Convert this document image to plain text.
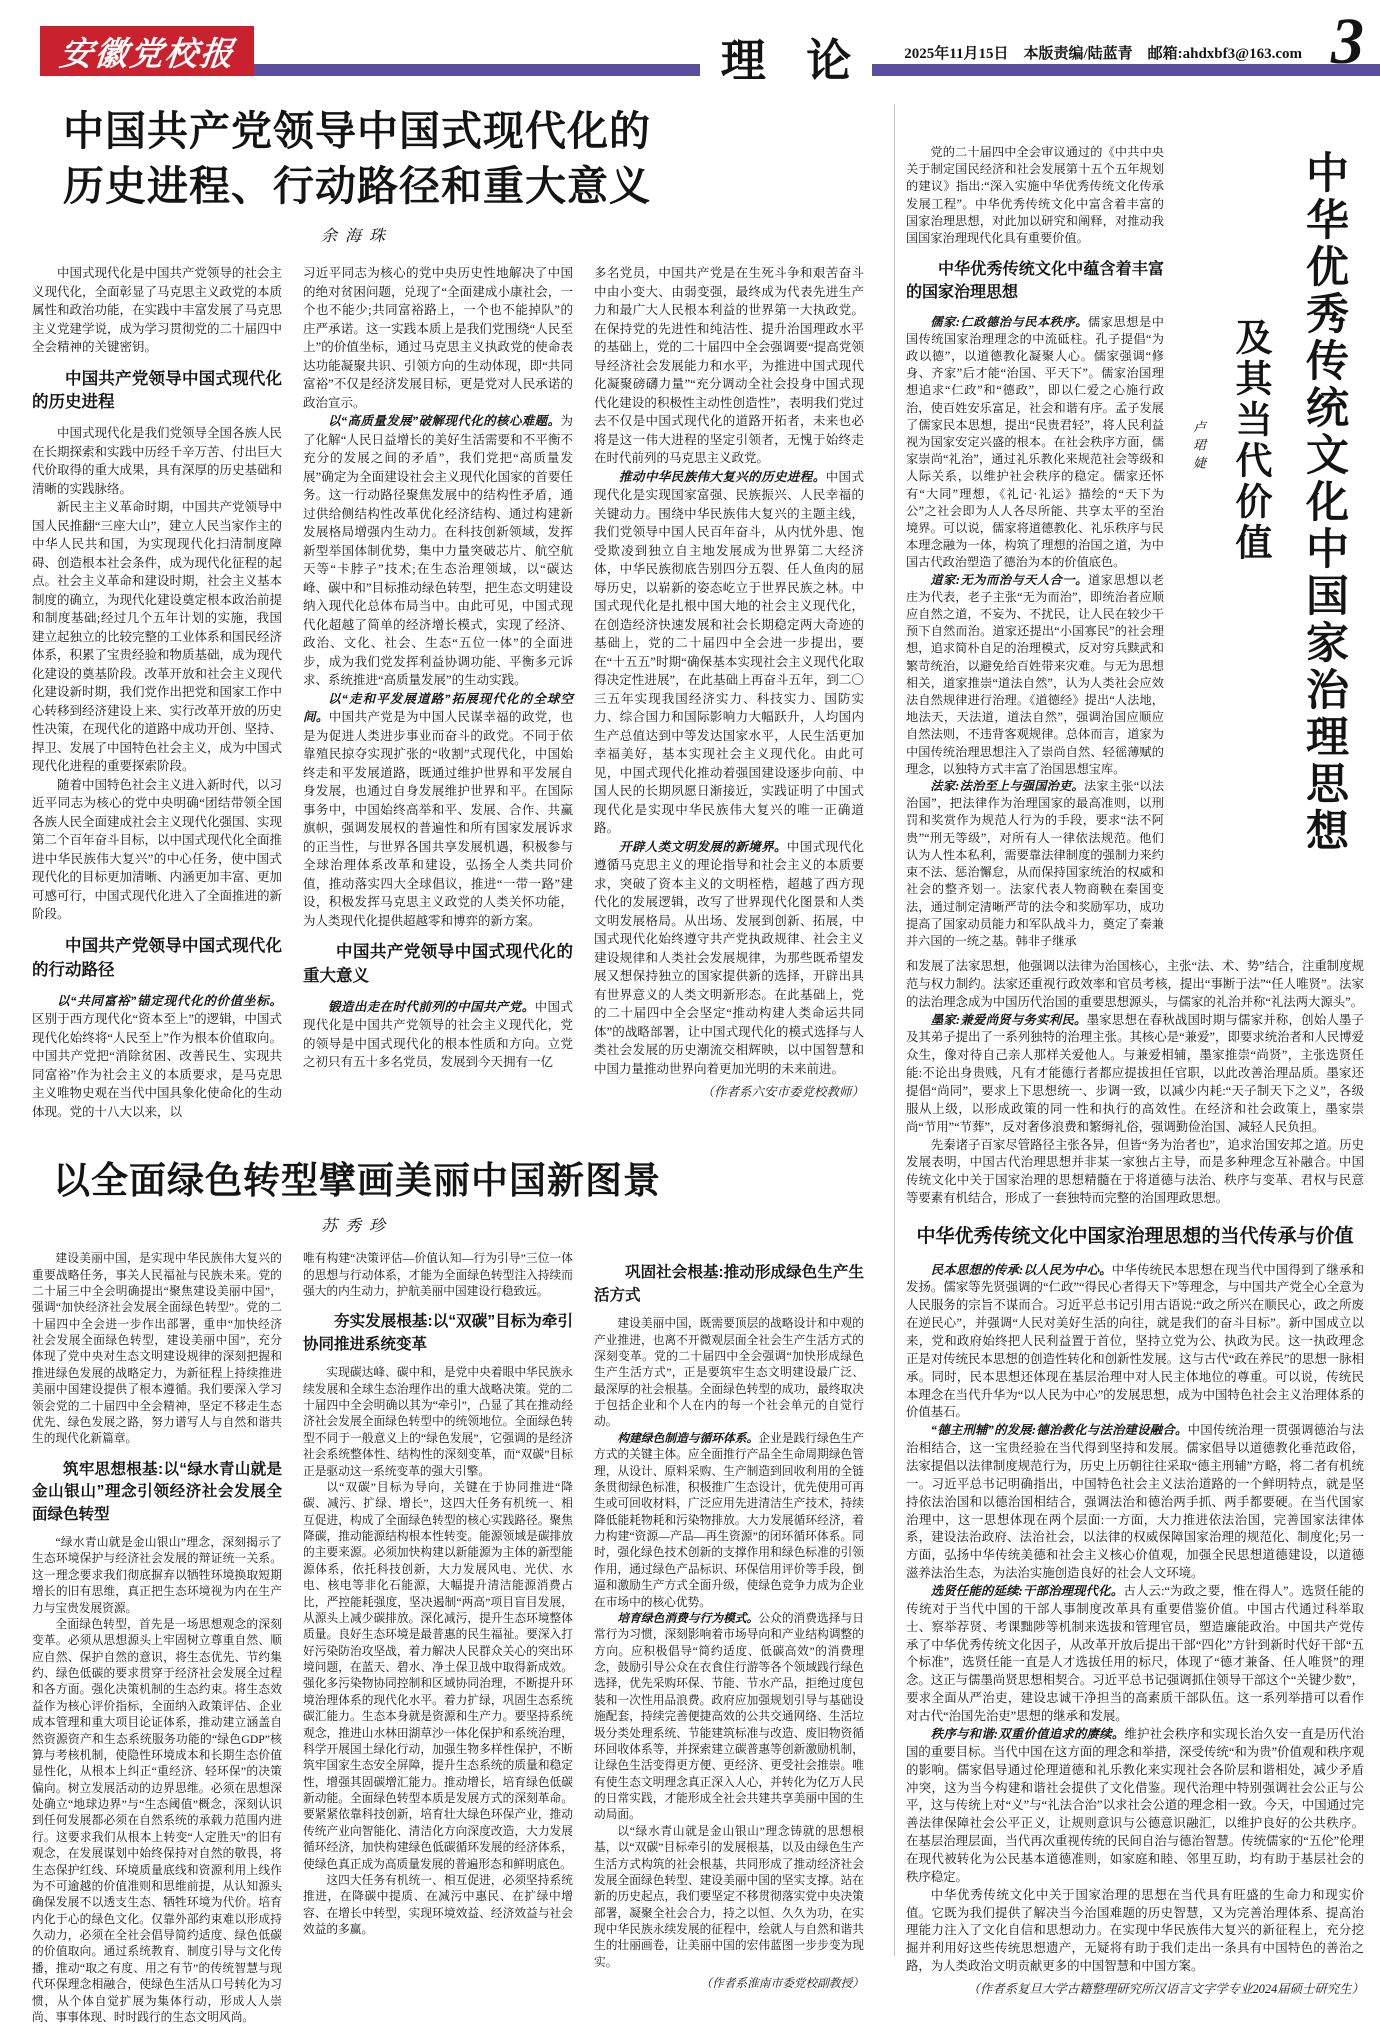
安徽党校报	理 论	2025年11月15日　本版责编/陆蓝青　邮箱:ahdxbf3@163.com 3
中国共产党领导中国式现代化的
历史进程、行动路径和重大意义
余海珠

中国式现代化是中国共产党领导的社会主义现代化，全面彰显了马克思主义政党的本质属性和政治功能，在实践中丰富发展了马克思主义党建学说，成为学习贯彻党的二十届四中全会精神的关键密钥。

中国共产党领导中国式现代化的历史进程

中国式现代化是我们党领导全国各族人民在长期探索和实践中历经千辛万苦、付出巨大代价取得的重大成果，具有深厚的历史基础和清晰的实践脉络。

新民主主义革命时期，中国共产党领导中国人民推翻“三座大山”，建立人民当家作主的中华人民共和国，为实现现代化扫清制度障碍、创造根本社会条件，成为现代化征程的起点。社会主义革命和建设时期，社会主义基本制度的确立，为现代化建设奠定根本政治前提和制度基础;经过几个五年计划的实施，我国建立起独立的比较完整的工业体系和国民经济体系，积累了宝贵经验和物质基础，成为现代化建设的奠基阶段。改革开放和社会主义现代化建设新时期，我们党作出把党和国家工作中心转移到经济建设上来、实行改革开放的历史性决策，在现代化的道路中成功开创、坚持、捍卫、发展了中国特色社会主义，成为中国式现代化进程的重要探索阶段。

随着中国特色社会主义进入新时代，以习近平同志为核心的党中央明确“团结带领全国各族人民全面建成社会主义现代化强国、实现第二个百年奋斗目标，以中国式现代化全面推进中华民族伟大复兴”的中心任务，使中国式现代化的目标更加清晰、内涵更加丰富、更加可感可行，中国式现代化进入了全面推进的新阶段。

中国共产党领导中国式现代化的行动路径

以“共同富裕”锚定现代化的价值坐标。区别于西方现代化“资本至上”的逻辑，中国式现代化始终将“人民至上”作为根本价值取向。中国共产党把“消除贫困、改善民生、实现共同富裕”作为社会主义的本质要求，是马克思主义唯物史观在当代中国具象化使命化的生动体现。党的十八大以来，以

习近平同志为核心的党中央历史性地解决了中国的绝对贫困问题，兑现了“全面建成小康社会，一个也不能少;共同富裕路上，一个也不能掉队”的庄严承诺。这一实践本质上是我们党围绕“人民至上”的价值坐标，通过马克思主义执政党的使命表达功能凝聚共识、引领方向的生动体现，即“共同富裕”不仅是经济发展目标，更是党对人民承诺的政治宣示。

以“高质量发展”破解现代化的核心难题。为了化解“人民日益增长的美好生活需要和不平衡不充分的发展之间的矛盾”，我们党把“高质量发展”确定为全面建设社会主义现代化国家的首要任务。这一行动路径聚焦发展中的结构性矛盾，通过供给侧结构性改革优化经济结构、通过构建新发展格局增强内生动力。在科技创新领域，发挥新型举国体制优势，集中力量突破芯片、航空航天等“卡脖子”技术;在生态治理领域，以“碳达峰、碳中和”目标推动绿色转型，把生态文明建设纳入现代化总体布局当中。由此可见，中国式现代化超越了简单的经济增长模式，实现了经济、政治、文化、社会、生态“五位一体”的全面进步，成为我们党发挥利益协调功能、平衡多元诉求、系统推进“高质量发展”的生动实践。

以“走和平发展道路”拓展现代化的全球空间。中国共产党是为中国人民谋幸福的政党，也是为促进人类进步事业而奋斗的政党。不同于依靠殖民掠夺实现扩张的“收割”式现代化，中国始终走和平发展道路，既通过维护世界和平发展自身发展，也通过自身发展维护世界和平。在国际事务中，中国始终高举和平、发展、合作、共赢旗帜，强调发展权的普遍性和所有国家发展诉求的正当性，与世界各国共享发展机遇，积极参与全球治理体系改革和建设，弘扬全人类共同价值，推动落实四大全球倡议，推进“一带一路”建设，积极发挥马克思主义政党的人类关怀功能，为人类现代化提供超越零和博弈的新方案。

中国共产党领导中国式现代化的重大意义

锻造出走在时代前列的中国共产党。中国式现代化是中国共产党领导的社会主义现代化，党的领导是中国式现代化的根本性质和方向。立党之初只有五十多名党员，发展到今天拥有一亿

多名党员，中国共产党是在生死斗争和艰苦奋斗中由小变大、由弱变强，最终成为代表先进生产力和最广大人民根本利益的世界第一大执政党。在保持党的先进性和纯洁性、提升治国理政水平的基础上，党的二十届四中全会强调要“提高党领导经济社会发展能力和水平，为推进中国式现代化凝聚磅礴力量”“充分调动全社会投身中国式现代化建设的积极性主动性创造性”，表明我们党过去不仅是中国式现代化的道路开拓者，未来也必将是这一伟大进程的坚定引领者，无愧于始终走在时代前列的马克思主义政党。

推动中华民族伟大复兴的历史进程。中国式现代化是实现国家富强、民族振兴、人民幸福的关键动力。围绕中华民族伟大复兴的主题主线，我们党领导中国人民百年奋斗，从内忧外患、饱受欺凌到独立自主地发展成为世界第二大经济体，中华民族彻底告别四分五裂、任人鱼肉的屈辱历史，以崭新的姿态屹立于世界民族之林。中国式现代化是扎根中国大地的社会主义现代化，在创造经济快速发展和社会长期稳定两大奇迹的基础上，党的二十届四中全会进一步提出，要在“十五五”时期“确保基本实现社会主义现代化取得决定性进展”，在此基础上再奋斗五年，到二〇三五年实现我国经济实力、科技实力、国防实力、综合国力和国际影响力大幅跃升，人均国内生产总值达到中等发达国家水平，人民生活更加幸福美好，基本实现社会主义现代化。由此可见，中国式现代化推动着强国建设逐步向前、中国人民的长期夙愿日渐接近，实践证明了中国式现代化是实现中华民族伟大复兴的唯一正确道路。

开辟人类文明发展的新境界。中国式现代化遵循马克思主义的理论指导和社会主义的本质要求，突破了资本主义的文明桎梏，超越了西方现代化的发展逻辑，改写了世界现代化图景和人类文明发展格局。从出场、发展到创新、拓展，中国式现代化始终遵守共产党执政规律、社会主义建设规律和人类社会发展规律，为那些既希望发展又想保持独立的国家提供新的选择，开辟出具有世界意义的人类文明新形态。在此基础上，党的二十届四中全会坚定“推动构建人类命运共同体”的战略部署，让中国式现代化的模式选择与人类社会发展的历史潮流交相辉映，以中国智慧和中国力量推动世界向着更加光明的未来前进。

（作者系六安市委党校教师）

党的二十届四中全会审议通过的《中共中央关于制定国民经济和社会发展第十五个五年规划的建议》指出:“深入实施中华优秀传统文化传承发展工程”。中华优秀传统文化中富含着丰富的国家治理思想，对此加以研究和阐释，对推动我国国家治理现代化具有重要价值。

中华优秀传统文化中蕴含着丰富的国家治理思想

儒家:仁政德治与民本秩序。儒家思想是中国传统国家治理理念的中流砥柱。孔子提倡“为政以德”，以道德教化凝聚人心。儒家强调“修身、齐家”后才能“治国、平天下”。儒家治国理想追求“仁政”和“德政”，即以仁爱之心施行政治，使百姓安乐富足，社会和谐有序。孟子发展了儒家民本思想，提出“民贵君轻”，将人民利益视为国家安定兴盛的根本。在社会秩序方面，儒家崇尚“礼治”，通过礼乐教化来规范社会等级和人际关系，以维护社会秩序的稳定。儒家还怀有“大同”理想，《礼记·礼运》描绘的“天下为公”之社会即为人人各尽所能、共享太平的至治境界。可以说，儒家将道德教化、礼乐秩序与民本理念融为一体，构筑了理想的治国之道，为中国古代政治塑造了德治为本的价值底色。

道家:无为而治与天人合一。道家思想以老庄为代表，老子主张“无为而治”，即统治者应顺应自然之道，不妄为、不扰民，让人民在较少干预下自然而治。道家还提出“小国寡民”的社会理想，追求简朴自足的治理模式，反对穷兵黩武和繁苛统治，以避免给百姓带来灾难。与无为思想相关，道家推崇“道法自然”，认为人类社会应效法自然规律进行治理。《道德经》提出“人法地，地法天，天法道，道法自然”，强调治国应顺应自然法则，不违背客观规律。总体而言，道家为中国传统治理思想注入了崇尚自然、轻徭薄赋的理念，以独特方式丰富了治国思想宝库。

法家:法治至上与强国治吏。法家主张“以法治国”，把法律作为治理国家的最高准则，以刑罚和奖赏作为规范人行为的手段，要求“法不阿贵”“刑无等级”，对所有人一律依法规范。他们认为人性本私利，需要靠法律制度的强制力来约束不法、惩治懈怠，从而保持国家统治的权威和社会的整齐划一。法家代表人物商鞅在秦国变法，通过制定清晰严苛的法令和奖励军功，成功提高了国家动员能力和军队战斗力，奠定了秦兼并六国的一统之基。韩非子继承

中华优秀传统文化中国家治理思想
及其当代价值
卢珺婕

和发展了法家思想，他强调以法律为治国核心，主张“法、术、势”结合，注重制度规范与权力制约。法家还重视行政效率和官员考核，提出“事断于法”“任人唯贤”。法家的法治理念成为中国历代治国的重要思想源头，与儒家的礼治并称“礼法两大源头”。

墨家:兼爱尚贤与务实利民。墨家思想在春秋战国时期与儒家并称，创始人墨子及其弟子提出了一系列独特的治理主张。其核心是“兼爱”，即要求统治者和人民博爱众生，像对待自己亲人那样关爱他人。与兼爱相辅，墨家推崇“尚贤”，主张选贤任能:不论出身贵贱，凡有才能德行者都应提拔担任官职，以此改善治理品质。墨家还提倡“尚同”，要求上下思想统一、步调一致，以减少内耗:“天子制天下之义”，各级服从上级，以形成政策的同一性和执行的高效性。在经济和社会政策上，墨家崇尚“节用”“节葬”，反对奢侈浪费和繁缛礼俗，强调勤俭治国、减轻人民负担。

先秦诸子百家尽管路径主张各异，但皆“务为治者也”，追求治国安邦之道。历史发展表明，中国古代治理思想并非某一家独占主导，而是多种理念互补融合。中国传统文化中关于国家治理的思想精髓在于将道德与法治、秩序与变革、君权与民意等要素有机结合，形成了一套独特而完整的治国理政思想。

中华优秀传统文化中国家治理思想的当代传承与价值

民本思想的传承:以人民为中心。中华传统民本思想在现当代中国得到了继承和发扬。儒家等先贤强调的“仁政”“得民心者得天下”等理念，与中国共产党全心全意为人民服务的宗旨不谋而合。习近平总书记引用古语说:“政之所兴在顺民心，政之所废在逆民心”，并强调“人民对美好生活的向往，就是我们的奋斗目标”。新中国成立以来，党和政府始终把人民利益置于首位，坚持立党为公、执政为民。这一执政理念正是对传统民本思想的创造性转化和创新性发展。这与古代“政在养民”的思想一脉相承。同时，民本思想还体现在基层治理中对人民主体地位的尊重。可以说，传统民本理念在当代升华为“以人民为中心”的发展思想，成为中国特色社会主义治理体系的价值基石。

“德主刑辅”的发展:德治教化与法治建设融合。中国传统治理一贯强调德治与法治相结合，这一宝贵经验在当代得到坚持和发展。儒家倡导以道德教化垂范政俗，法家提倡以法律制度规范行为，历史上历朝往往采取“德主刑辅”方略，将二者有机统一。习近平总书记明确指出，中国特色社会主义法治道路的一个鲜明特点，就是坚持依法治国和以德治国相结合，强调法治和德治两手抓、两手都要硬。在当代国家治理中，这一思想体现在两个层面:一方面，大力推进依法治国，完善国家法律体系，建设法治政府、法治社会，以法律的权威保障国家治理的规范化、制度化;另一方面，弘扬中华传统美德和社会主义核心价值观，加强全民思想道德建设，以道德滋养法治生态，为法治实施创造良好的社会人文环境。

选贤任能的延续:干部治理现代化。古人云:“为政之要，惟在得人”。选贤任能的传统对于当代中国的干部人事制度改革具有重要借鉴价值。中国古代通过科举取士、察举荐贤、考课黜陟等机制来选拔和管理官员，塑造廉能政治。中国共产党传承了中华优秀传统文化因子，从改革开放后提出干部“四化”方针到新时代好干部“五个标准”，选贤任能一直是人才选拔任用的标尺，体现了“德才兼备、任人唯贤”的理念。这正与儒墨尚贤思想相契合。习近平总书记强调抓住领导干部这个“关键少数”，要求全面从严治吏，建设忠诚干净担当的高素质干部队伍。这一系列举措可以看作对古代“治国先治吏”思想的继承和发展。

秩序与和谐:双重价值追求的赓续。维护社会秩序和实现长治久安一直是历代治国的重要目标。当代中国在这方面的理念和举措，深受传统“和为贵”价值观和秩序观的影响。儒家倡导通过伦理道德和礼乐教化来实现社会各阶层和谐相处，减少矛盾冲突，这为当今构建和谐社会提供了文化借鉴。现代治理中特别强调社会公正与公平，这与传统上对“义”与“礼法合治”以求社会公道的理念相一致。今天，中国通过完善法律保障社会公平正义，让规则意识与公德意识融汇，以维护良好的公共秩序。在基层治理层面，当代再次重视传统的民间自治与德治智慧。传统儒家的“五伦”伦理在现代被转化为公民基本道德准则，如家庭和睦、邻里互助，均有助于基层社会的秩序稳定。

中华优秀传统文化中关于国家治理的思想在当代具有旺盛的生命力和现实价值。它既为我们提供了解决当今治国难题的历史智慧，又为完善治理体系、提高治理能力注入了文化自信和思想动力。在实现中华民族伟大复兴的新征程上，充分挖掘并利用好这些传统思想遗产，无疑将有助于我们走出一条具有中国特色的善治之路，为人类政治文明贡献更多的中国智慧和中国方案。

（作者系复旦大学古籍整理研究所汉语言文字学专业2024届硕士研究生）

以全面绿色转型擘画美丽中国新图景
苏秀珍

建设美丽中国，是实现中华民族伟大复兴的重要战略任务，事关人民福祉与民族未来。党的二十届三中全会明确提出“聚焦建设美丽中国”，强调“加快经济社会发展全面绿色转型”。党的二十届四中全会进一步作出部署，重申“加快经济社会发展全面绿色转型，建设美丽中国”，充分体现了党中央对生态文明建设规律的深刻把握和推进绿色发展的战略定力，为新征程上持续推进美丽中国建设提供了根本遵循。我们要深入学习领会党的二十届四中全会精神，坚定不移走生态优先、绿色发展之路，努力谱写人与自然和谐共生的现代化新篇章。

筑牢思想根基:以“绿水青山就是金山银山”理念引领经济社会发展全面绿色转型

“绿水青山就是金山银山”理念，深刻揭示了生态环境保护与经济社会发展的辩证统一关系。这一理念要求我们彻底摒弃以牺牲环境换取短期增长的旧有思维，真正把生态环境视为内在生产力与宝贵发展资源。

全面绿色转型，首先是一场思想观念的深刻变革。必须从思想源头上牢固树立尊重自然、顺应自然、保护自然的意识，将生态优先、节约集约、绿色低碳的要求贯穿于经济社会发展全过程和各方面。强化决策机制的生态约束。将生态效益作为核心评价指标，全面纳入政策评估、企业成本管理和重大项目论证体系，推动建立涵盖自然资源资产和生态系统服务功能的“绿色GDP”核算与考核机制，使隐性环境成本和长期生态价值显性化，从根本上纠正“重经济、轻环保”的决策偏向。树立发展活动的边界思维。必须在思想深处确立“地球边界”与“生态阈值”概念，深刻认识到任何发展都必须在自然系统的承载力范围内进行。这要求我们从根本上转变“人定胜天”的旧有观念，在发展谋划中始终保持对自然的敬畏，将生态保护红线、环境质量底线和资源利用上线作为不可逾越的价值准则和思维前提，从认知源头确保发展不以透支生态、牺牲环境为代价。培育内化于心的绿色文化。仅靠外部约束难以形成持久动力，必须在全社会倡导简约适度、绿色低碳的价值取向。通过系统教育、制度引导与文化传播，推动“取之有度、用之有节”的传统智慧与现代环保理念相融合，使绿色生活从口号转化为习惯，从个体自觉扩展为集体行动，形成人人崇尚、事事体现、时时践行的生态文明风尚。

唯有构建“决策评估—价值认知—行为引导”三位一体的思想与行动体系，才能为全面绿色转型注入持续而强大的内生动力，护航美丽中国建设行稳致远。

夯实发展根基:以“双碳”目标为牵引协同推进系统变革

实现碳达峰、碳中和，是党中央着眼中华民族永续发展和全球生态治理作出的重大战略决策。党的二十届四中全会明确以其为“牵引”，凸显了其在推动经济社会发展全面绿色转型中的统领地位。全面绿色转型不同于一般意义上的“绿色发展”，它强调的是经济社会系统整体性、结构性的深刻变革，而“双碳”目标正是驱动这一系统变革的强大引擎。

以“双碳”目标为导向，关键在于协同推进“降碳、减污、扩绿、增长”，这四大任务有机统一、相互促进，构成了全面绿色转型的核心实践路径。聚焦降碳，推动能源结构根本性转变。能源领域是碳排放的主要来源。必须加快构建以新能源为主体的新型能源体系，依托科技创新，大力发展风电、光伏、水电、核电等非化石能源，大幅提升清洁能源消费占比，严控能耗强度，坚决遏制“两高”项目盲目发展，从源头上减少碳排放。深化减污，提升生态环境整体质量。良好生态环境是最普惠的民生福祉。要深入打好污染防治攻坚战，着力解决人民群众关心的突出环境问题，在蓝天、碧水、净土保卫战中取得新成效。强化多污染物协同控制和区域协同治理，不断提升环境治理体系的现代化水平。着力扩绿，巩固生态系统碳汇能力。生态本身就是资源和生产力。要坚持系统观念，推进山水林田湖草沙一体化保护和系统治理，科学开展国土绿化行动，加强生物多样性保护，不断筑牢国家生态安全屏障，提升生态系统的质量和稳定性，增强其固碳增汇能力。推动增长，培育绿色低碳新动能。全面绿色转型本质是发展方式的深刻革命。要紧紧依靠科技创新，培育壮大绿色环保产业，推动传统产业向智能化、清洁化方向深度改造，大力发展循环经济，加快构建绿色低碳循环发展的经济体系，使绿色真正成为高质量发展的普遍形态和鲜明底色。

这四大任务有机统一、相互促进，必须坚持系统推进，在降碳中提质、在减污中惠民、在扩绿中增容、在增长中转型，实现环境效益、经济效益与社会效益的多赢。

巩固社会根基:推动形成绿色生产生活方式

建设美丽中国，既需要顶层的战略设计和中观的产业推进，也离不开微观层面全社会生产生活方式的深刻变革。党的二十届四中全会强调“加快形成绿色生产生活方式”，正是要筑牢生态文明建设最广泛、最深厚的社会根基。全面绿色转型的成功，最终取决于包括企业和个人在内的每一个社会单元的自觉行动。

构建绿色制造与循环体系。企业是践行绿色生产方式的关键主体。应全面推行产品全生命周期绿色管理，从设计、原料采购、生产制造到回收利用的全链条贯彻绿色标准，积极推广生态设计，优先使用可再生或可回收材料，广泛应用先进清洁生产技术，持续降低能耗物耗和污染物排放。大力发展循环经济，着力构建“资源—产品—再生资源”的闭环循环体系。同时，强化绿色技术创新的支撑作用和绿色标准的引领作用，通过绿色产品标识、环保信用评价等手段，倒逼和激励生产方式全面升级，使绿色竞争力成为企业在市场中的核心优势。

培育绿色消费与行为模式。公众的消费选择与日常行为习惯，深刻影响着市场导向和产业结构调整的方向。应积极倡导“简约适度、低碳高效”的消费理念，鼓励引导公众在衣食住行游等各个领域践行绿色选择，优先采购环保、节能、节水产品，拒绝过度包装和一次性用品浪费。政府应加强规划引导与基础设施配套，持续完善便捷高效的公共交通网络、生活垃圾分类处理系统、节能建筑标准与改造、废旧物资循环回收体系等，并探索建立碳普惠等创新激励机制，让绿色生活变得更方便、更经济、更受社会推崇。唯有使生态文明理念真正深入人心，并转化为亿万人民的日常实践，才能形成全社会共建共享美丽中国的生动局面。

以“绿水青山就是金山银山”理念铸就的思想根基，以“双碳”目标牵引的发展根基，以及由绿色生产生活方式构筑的社会根基，共同形成了推动经济社会发展全面绿色转型、建设美丽中国的坚实支撑。站在新的历史起点，我们要坚定不移贯彻落实党中央决策部署，凝聚全社会合力，持之以恒、久久为功，在实现中华民族永续发展的征程中，绘就人与自然和谐共生的壮丽画卷，让美丽中国的宏伟蓝图一步步变为现实。

（作者系淮南市委党校副教授）
